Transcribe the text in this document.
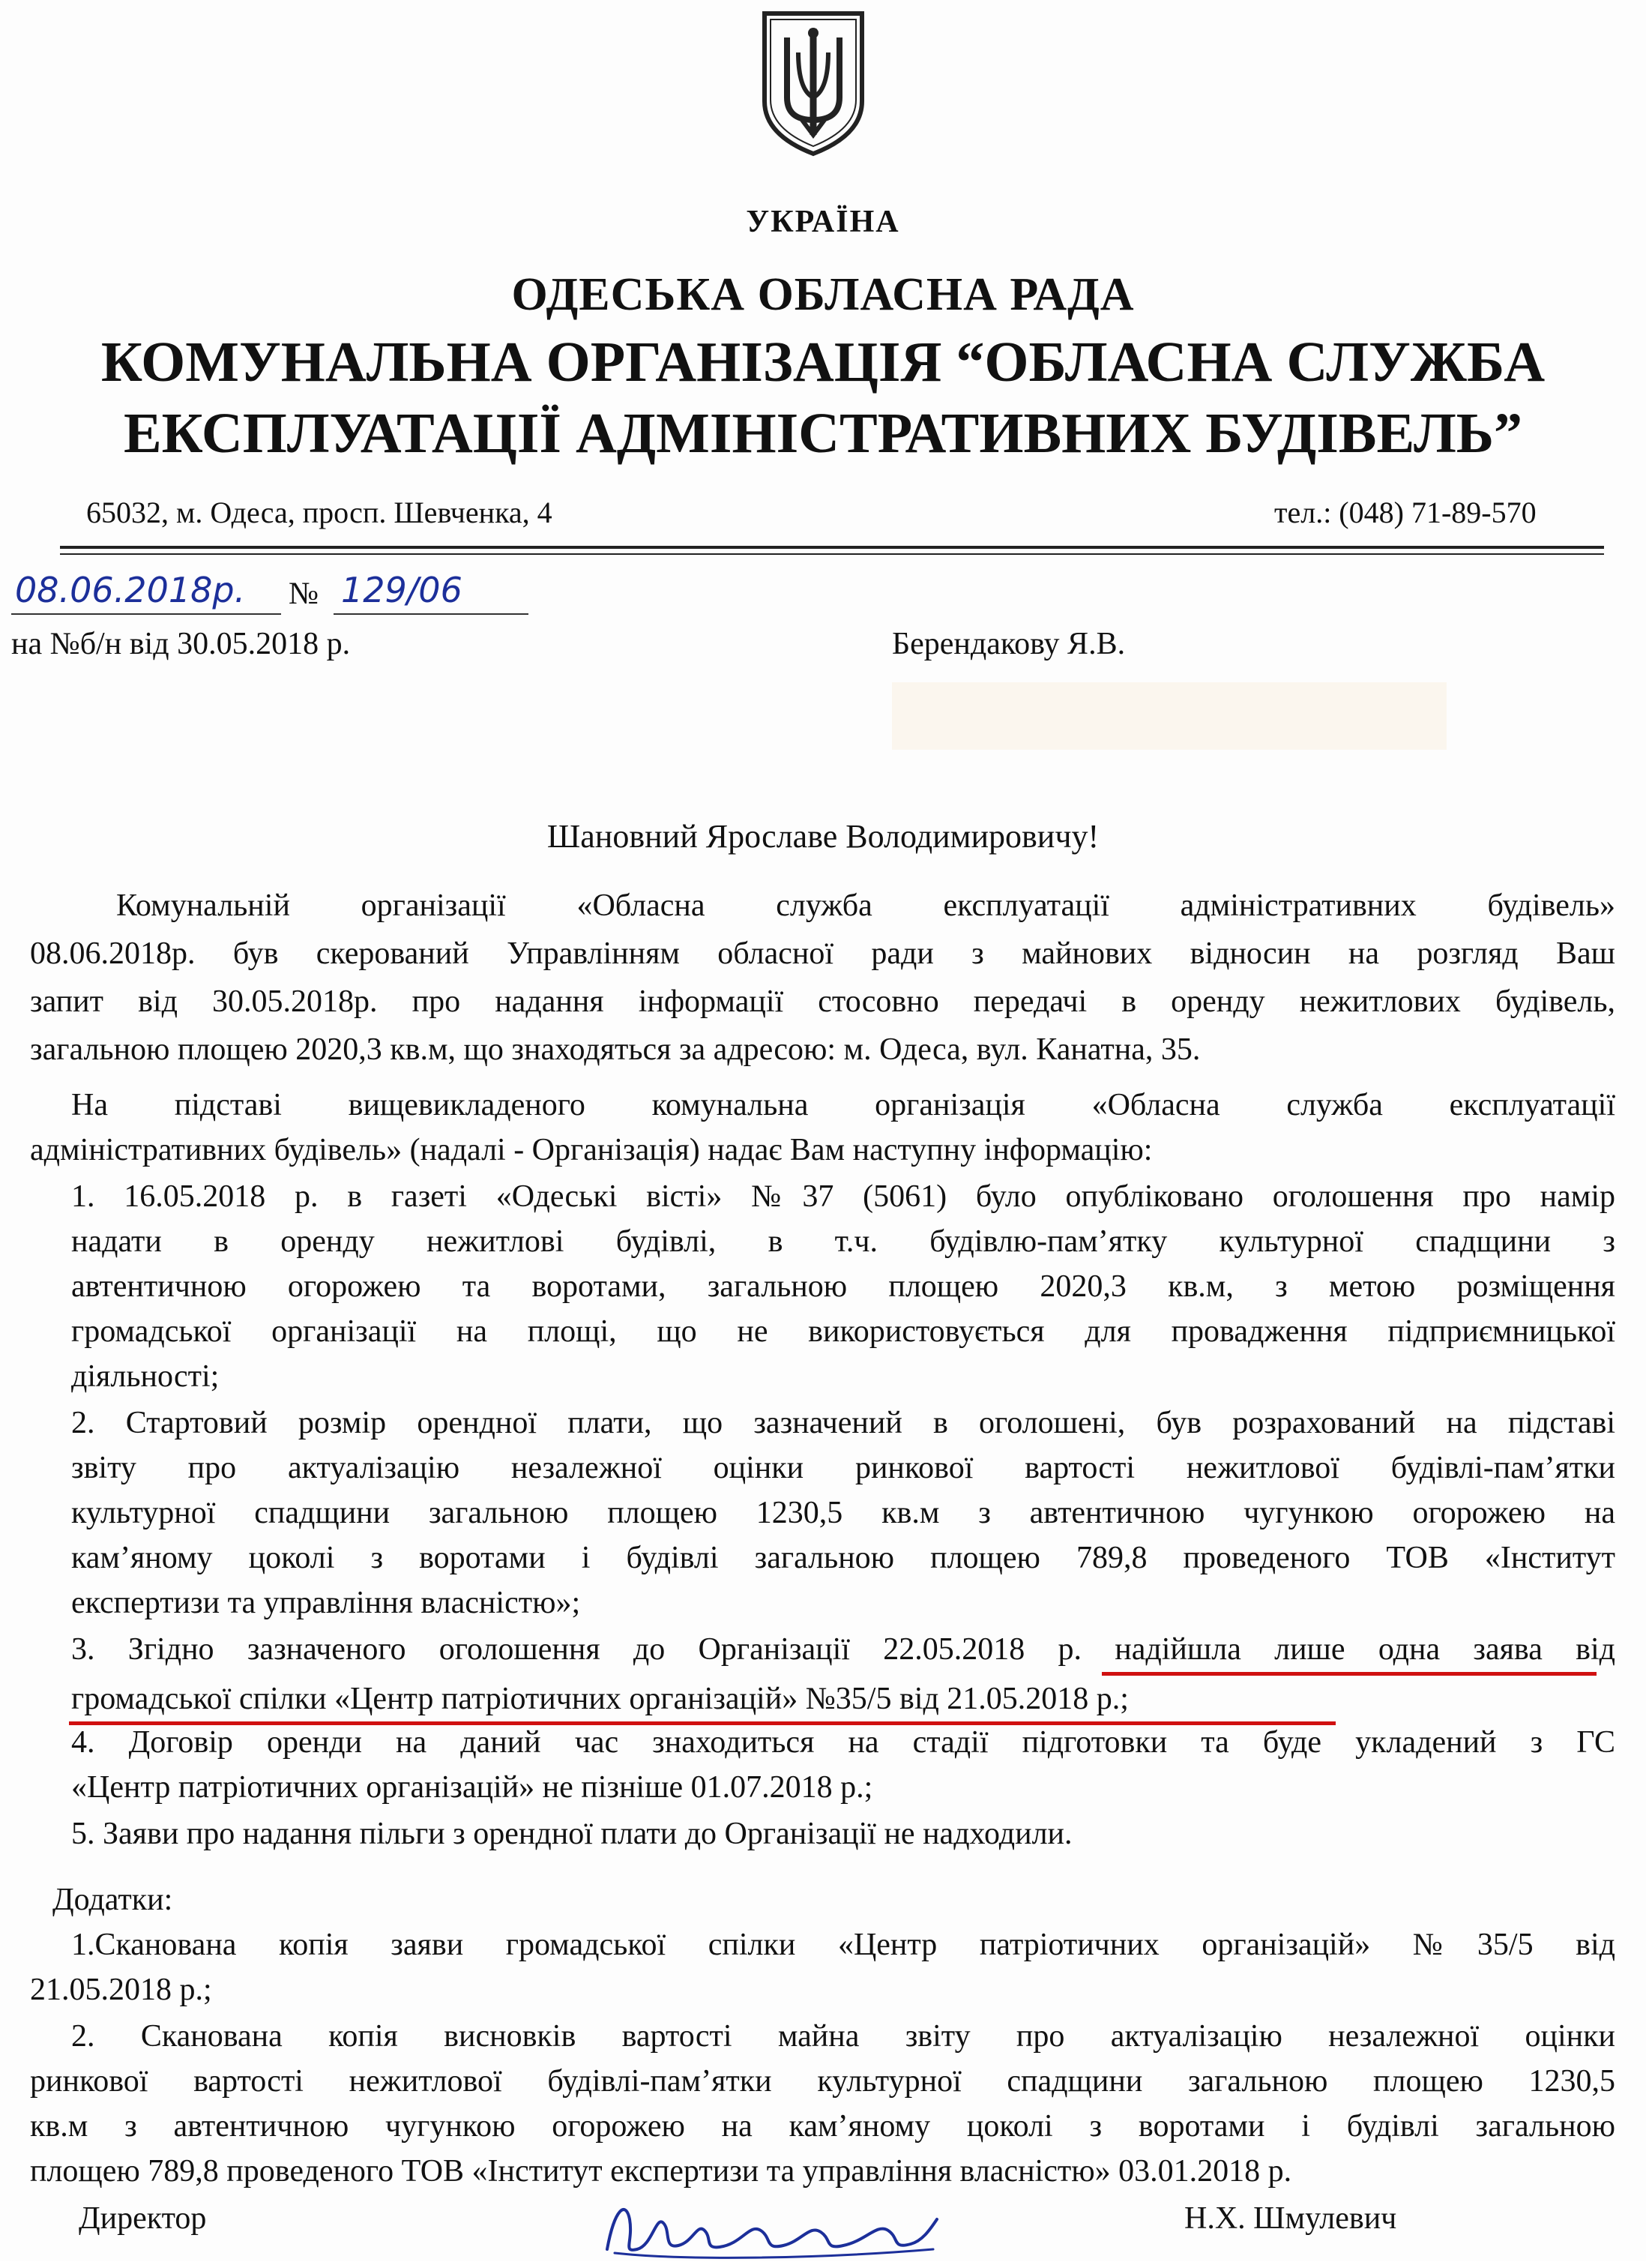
УКРАЇНА
ОДЕСЬКА ОБЛАСНА РАДА
КОМУНАЛЬНА ОРГАНІЗАЦІЯ “ОБЛАСНА СЛУЖБА
ЕКСПЛУАТАЦІЇ АДМІНІСТРАТИВНИХ БУДІВЕЛЬ”
65032, м. Одеса, просп. Шевченка, 4	тел.: (048) 71-89-570
08.06.2018р. № 129/06
на №б/н від 30.05.2018 р.	Берендакову Я.В.
Шановний Ярославе Володимировичу!
Комунальній організації «Обласна служба експлуатації адміністративних будівель»
08.06.2018р. був скерований Управлінням обласної ради з майнових відносин на розгляд Ваш
запит від 30.05.2018р. про надання інформації стосовно передачі в оренду нежитлових будівель,
загальною площею 2020,3 кв.м, що знаходяться за адресою: м. Одеса, вул. Канатна, 35.
На підставі вищевикладеного комунальна організація «Обласна служба експлуатації
адміністративних будівель» (надалі - Організація) надає Вам наступну інформацію:
1. 16.05.2018 р. в газеті «Одеські вісті» №37 (5061) було опубліковано оголошення про намір
надати в оренду нежитлові будівлі, в т.ч. будівлю-пам’ятку культурної спадщини з
автентичною огорожею та воротами, загальною площею 2020,3 кв.м, з метою розміщення
громадської організації на площі, що не використовується для провадження підприємницької
діяльності;
2. Стартовий розмір орендної плати, що зазначений в оголошені, був розрахований на підставі
звіту про актуалізацію незалежної оцінки ринкової вартості нежитлової будівлі-пам’ятки
культурної спадщини загальною площею 1230,5 кв.м з автентичною чугункою огорожею на
кам’яному цоколі з воротами і будівлі загальною площею 789,8 проведеного ТОВ «Інститут
експертизи та управління власністю»;
3. Згідно зазначеного оголошення до Організації 22.05.2018 р. надійшла лише одна заява від
громадської спілки «Центр патріотичних організацій» №35/5 від 21.05.2018 р.;
4. Договір оренди на даний час знаходиться на стадії підготовки та буде укладений з ГС
«Центр патріотичних організацій» не пізніше 01.07.2018 р.;
5. Заяви про надання пільги з орендної плати до Організації не надходили.
Додатки:
1.Сканована копія заяви громадської спілки «Центр патріотичних організацій» №35/5 від
21.05.2018 р.;
2. Сканована копія висновків вартості майна звіту про актуалізацію незалежної оцінки
ринкової вартості нежитлової будівлі-пам’ятки культурної спадщини загальною площею 1230,5
кв.м з автентичною чугункою огорожею на кам’яному цоколі з воротами і будівлі загальною
площею 789,8 проведеного ТОВ «Інститут експертизи та управління власністю» 03.01.2018 р.
Директор	Н.Х. Шмулевич
